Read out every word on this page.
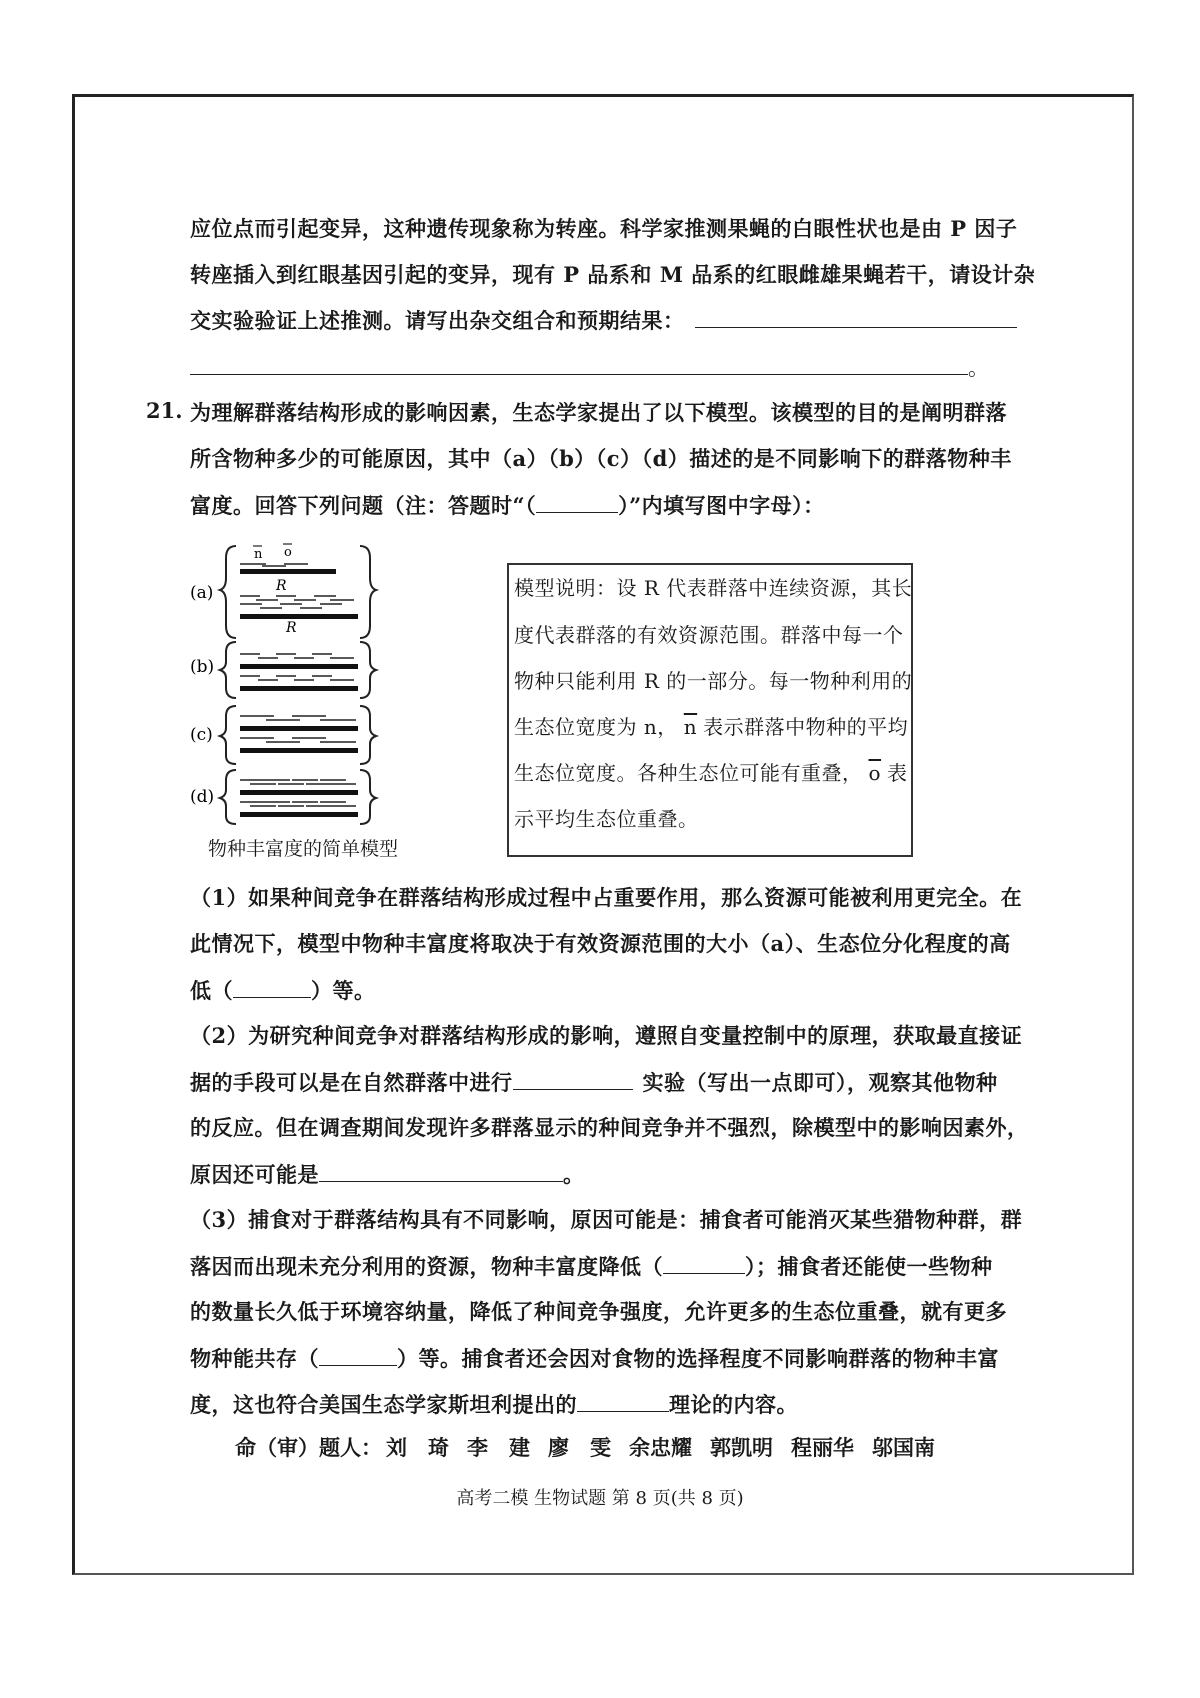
应位点而引起变异，这种遗传现象称为转座。科学家推测果蝇的白眼性状也是由 P 因子
转座插入到红眼基因引起的变异，现有 P 品系和 M 品系的红眼雌雄果蝇若干，请设计杂
交实验验证上述推测。请写出杂交组合和预期结果：
。
21. 为理解群落结构形成的影响因素，生态学家提出了以下模型。该模型的目的是阐明群落
所含物种多少的可能原因，其中（a）（b）（c）（d）描述的是不同影响下的群落物种丰
富度。回答下列问题（注：答题时“（	）”内填写图中字母）：
(a)
(b)
(c)
(d)
n o
R
R
物种丰富度的简单模型
模型说明：设 R 代表群落中连续资源，其长
度代表群落的有效资源范围。群落中每一个
物种只能利用 R 的一部分。每一物种利用的
生态位宽度为 n， $\overline{n}$ 表示群落中物种的平均
生态位宽度。各种生态位可能有重叠， $\overline{o}$ 表
示平均生态位重叠。
（1）如果种间竞争在群落结构形成过程中占重要作用，那么资源可能被利用更完全。在
此情况下，模型中物种丰富度将取决于有效资源范围的大小（a）、生态位分化程度的高
低（	）等。
（2）为研究种间竞争对群落结构形成的影响，遵照自变量控制中的原理，获取最直接证
据的手段可以是在自然群落中进行	实验（写出一点即可），观察其他物种
的反应。但在调查期间发现许多群落显示的种间竞争并不强烈，除模型中的影响因素外，
原因还可能是	。
（3）捕食对于群落结构具有不同影响，原因可能是：捕食者可能消灭某些猎物种群，群
落因而出现未充分利用的资源，物种丰富度降低（	）；捕食者还能使一些物种
的数量长久低于环境容纳量，降低了种间竞争强度，允许更多的生态位重叠，就有更多
物种能共存（	）等。捕食者还会因对食物的选择程度不同影响群落的物种丰富
度，这也符合美国生态学家斯坦利提出的	理论的内容。
命（审）题人： 刘　琦 李　建 廖　雯 余忠耀 郭凯明 程丽华 邬国南
高考二模 生物试题 第 8 页(共 8 页)
